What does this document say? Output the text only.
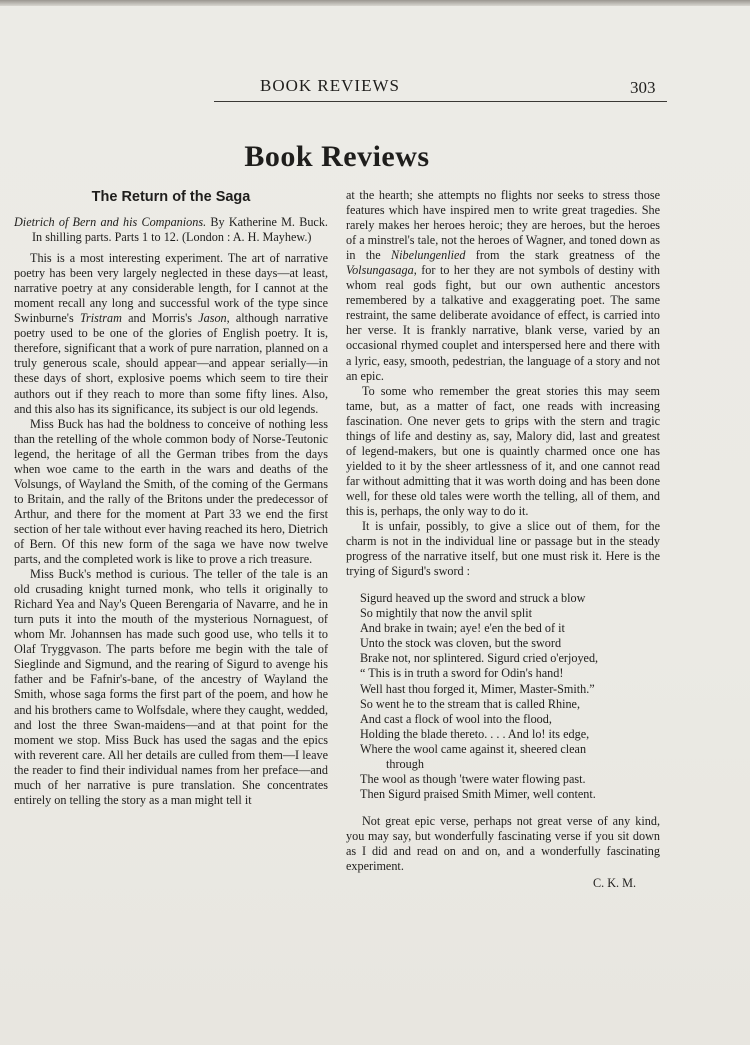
BOOK REVIEWS	303
Book Reviews
The Return of the Saga
Dietrich of Bern and his Companions. By Katherine M. Buck. In shilling parts. Parts 1 to 12. (London : A. H. Mayhew.)

This is a most interesting experiment. The art of narrative poetry has been very largely neglected in these days—at least, narrative poetry at any considerable length, for I cannot at the moment recall any long and successful work of the type since Swinburne's Tristram and Morris's Jason, although narrative poetry used to be one of the glories of English poetry. It is, therefore, significant that a work of pure narration, planned on a truly generous scale, should appear—and appear serially—in these days of short, explosive poems which seem to tire their authors out if they reach to more than some fifty lines. Also, and this also has its significance, its subject is our old legends.

Miss Buck has had the boldness to conceive of nothing less than the retelling of the whole common body of Norse-Teutonic legend, the heritage of all the German tribes from the days when woe came to the earth in the wars and deaths of the Volsungs, of Wayland the Smith, of the coming of the Germans to Britain, and the rally of the Britons under the predecessor of Arthur, and there for the moment at Part 33 we end the first section of her tale without ever having reached its hero, Dietrich of Bern. Of this new form of the saga we have now twelve parts, and the completed work is like to prove a rich treasure.

Miss Buck's method is curious. The teller of the tale is an old crusading knight turned monk, who tells it originally to Richard Yea and Nay's Queen Berengaria of Navarre, and he in turn puts it into the mouth of the mysterious Nornaguest, of whom Mr. Johannsen has made such good use, who tells it to Olaf Tryggvason. The parts before me begin with the tale of Sieglinde and Sigmund, and the rearing of Sigurd to avenge his father and be Fafnir's-bane, of the ancestry of Wayland the Smith, whose saga forms the first part of the poem, and how he and his brothers came to Wolfsdale, where they caught, wedded, and lost the three Swan-maidens—and at that point for the moment we stop. Miss Buck has used the sagas and the epics with reverent care. All her details are culled from them—I leave the reader to find their individual names from her preface—and much of her narrative is pure translation. She concentrates entirely on telling the story as a man might tell it

at the hearth; she attempts no flights nor seeks to stress those features which have inspired men to write great tragedies. She rarely makes her heroes heroic; they are heroes, but the heroes of a minstrel's tale, not the heroes of Wagner, and toned down as in the Nibelungenlied from the stark greatness of the Volsungasaga, for to her they are not symbols of destiny with whom real gods fight, but our own authentic ancestors remembered by a talkative and exaggerating poet. The same restraint, the same deliberate avoidance of effect, is carried into her verse. It is frankly narrative, blank verse, varied by an occasional rhymed couplet and interspersed here and there with a lyric, easy, smooth, pedestrian, the language of a story and not an epic.

To some who remember the great stories this may seem tame, but, as a matter of fact, one reads with increasing fascination. One never gets to grips with the stern and tragic things of life and destiny as, say, Malory did, last and greatest of legend-makers, but one is quaintly charmed once one has yielded to it by the sheer artlessness of it, and one cannot read far without admitting that it was worth doing and has been done well, for these old tales were worth the telling, all of them, and this is, perhaps, the only way to do it.

It is unfair, possibly, to give a slice out of them, for the charm is not in the individual line or passage but in the steady progress of the narrative itself, but one must risk it. Here is the trying of Sigurd's sword :

Sigurd heaved up the sword and struck a blow
So mightily that now the anvil split
And brake in twain; aye! e'en the bed of it
Unto the stock was cloven, but the sword
Brake not, nor splintered. Sigurd cried o'erjoyed,
“ This is in truth a sword for Odin's hand!
Well hast thou forged it, Mimer, Master-Smith.”
So went he to the stream that is called Rhine,
And cast a flock of wool into the flood,
Holding the blade thereto. . . . And lo! its edge,
Where the wool came against it, sheered clean
through
The wool as though 'twere water flowing past.
Then Sigurd praised Smith Mimer, well content.

Not great epic verse, perhaps not great verse of any kind, you may say, but wonderfully fascinating verse if you sit down as I did and read on and on, and a wonderfully fascinating experiment.

C. K. M.
